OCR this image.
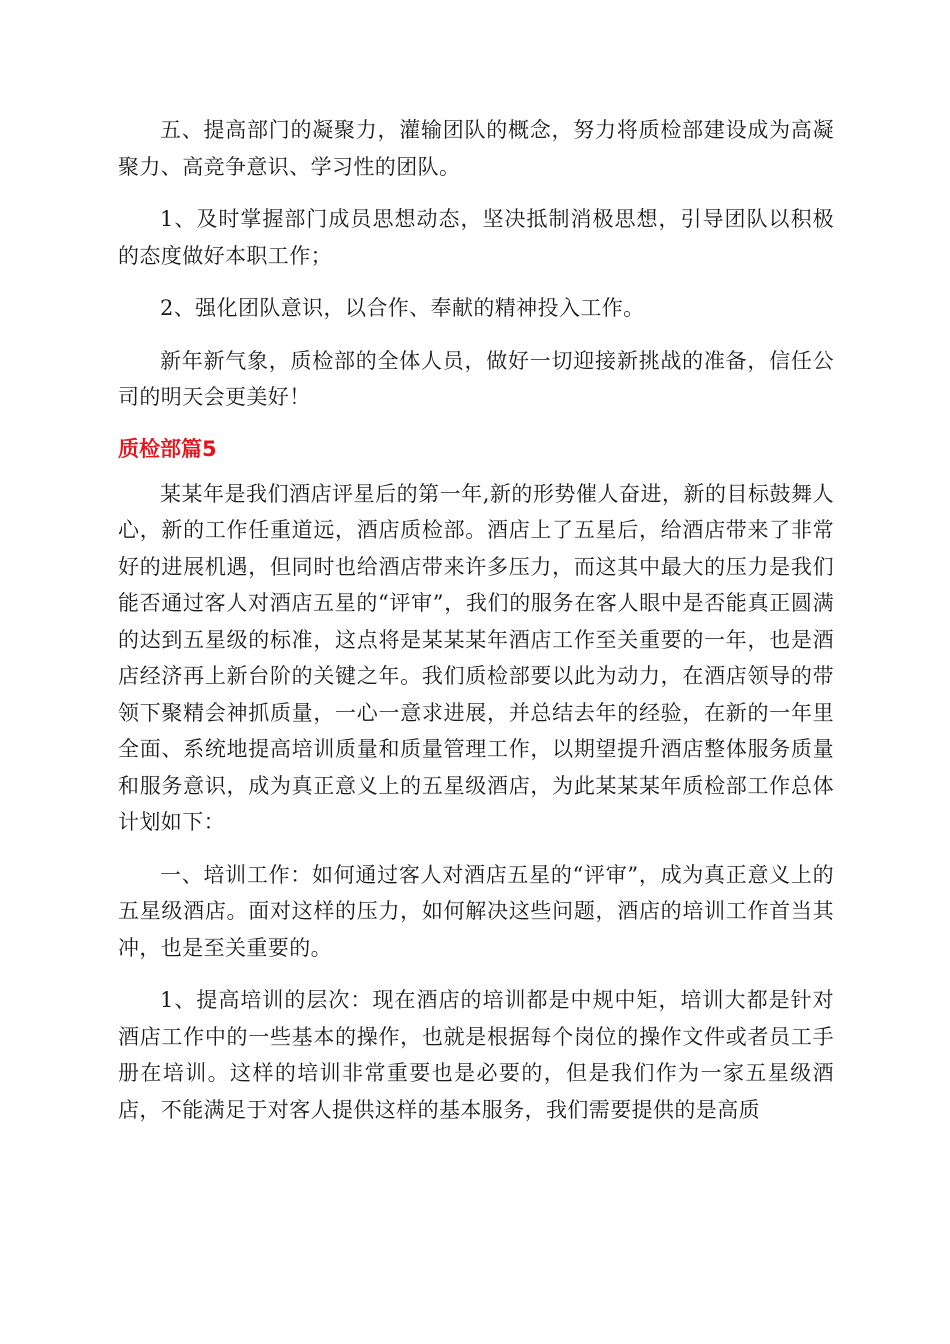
五、提高部门的凝聚力，灌输团队的概念，努力将质检部建设成为高凝聚力、高竞争意识、学习性的团队。

1、及时掌握部门成员思想动态，坚决抵制消极思想，引导团队以积极的态度做好本职工作；

2、强化团队意识，以合作、奉献的精神投入工作。

新年新气象，质检部的全体人员，做好一切迎接新挑战的准备，信任公司的明天会更美好！

质检部篇5

某某年是我们酒店评星后的第一年,新的形势催人奋进，新的目标鼓舞人心，新的工作任重道远，酒店质检部。酒店上了五星后，给酒店带来了非常好的进展机遇，但同时也给酒店带来许多压力，而这其中最大的压力是我们能否通过客人对酒店五星的“评审”，我们的服务在客人眼中是否能真正圆满的达到五星级的标准，这点将是某某某年酒店工作至关重要的一年，也是酒店经济再上新台阶的关键之年。我们质检部要以此为动力，在酒店领导的带领下聚精会神抓质量，一心一意求进展，并总结去年的经验，在新的一年里全面、系统地提高培训质量和质量管理工作，以期望提升酒店整体服务质量和服务意识，成为真正意义上的五星级酒店，为此某某某年质检部工作总体计划如下：

一、培训工作：如何通过客人对酒店五星的“评审”，成为真正意义上的五星级酒店。面对这样的压力，如何解决这些问题，酒店的培训工作首当其冲，也是至关重要的。

1、提高培训的层次：现在酒店的培训都是中规中矩，培训大都是针对酒店工作中的一些基本的操作，也就是根据每个岗位的操作文件或者员工手册在培训。这样的培训非常重要也是必要的，但是我们作为一家五星级酒店，不能满足于对客人提供这样的基本服务，我们需要提供的是高质
